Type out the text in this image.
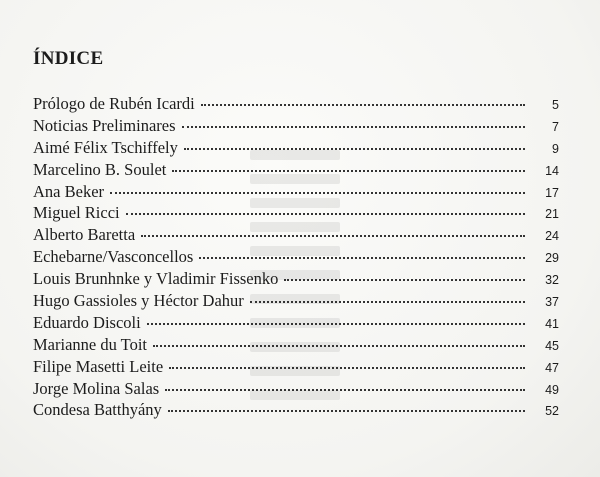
ÍNDICE
Prólogo de Rubén Icardi	5
Noticias Preliminares	7
Aimé Félix Tschiffely	9
Marcelino B. Soulet	14
Ana Beker	17
Miguel Ricci	21
Alberto Baretta	24
Echebarne/Vasconcellos	29
Louis Brunhnke y Vladimir Fissenko	32
Hugo Gassioles y Héctor Dahur	37
Eduardo Discoli	41
Marianne du Toit	45
Filipe Masetti Leite	47
Jorge Molina Salas	49
Condesa Batthyány	52
